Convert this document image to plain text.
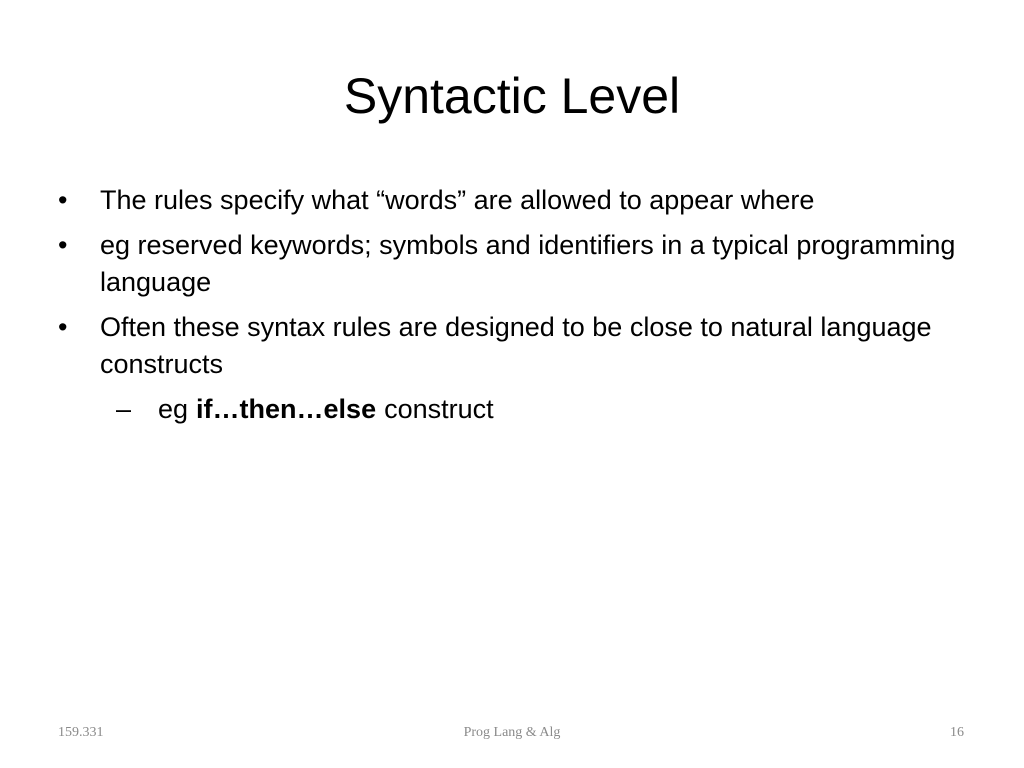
Syntactic Level
•	The rules specify what “words” are allowed to appear where
•	eg reserved keywords; symbols and identifiers in a typical programming language
•	Often these syntax rules are designed to be close to natural language constructs
– eg if…then…else construct
159.331	Prog Lang & Alg	16
